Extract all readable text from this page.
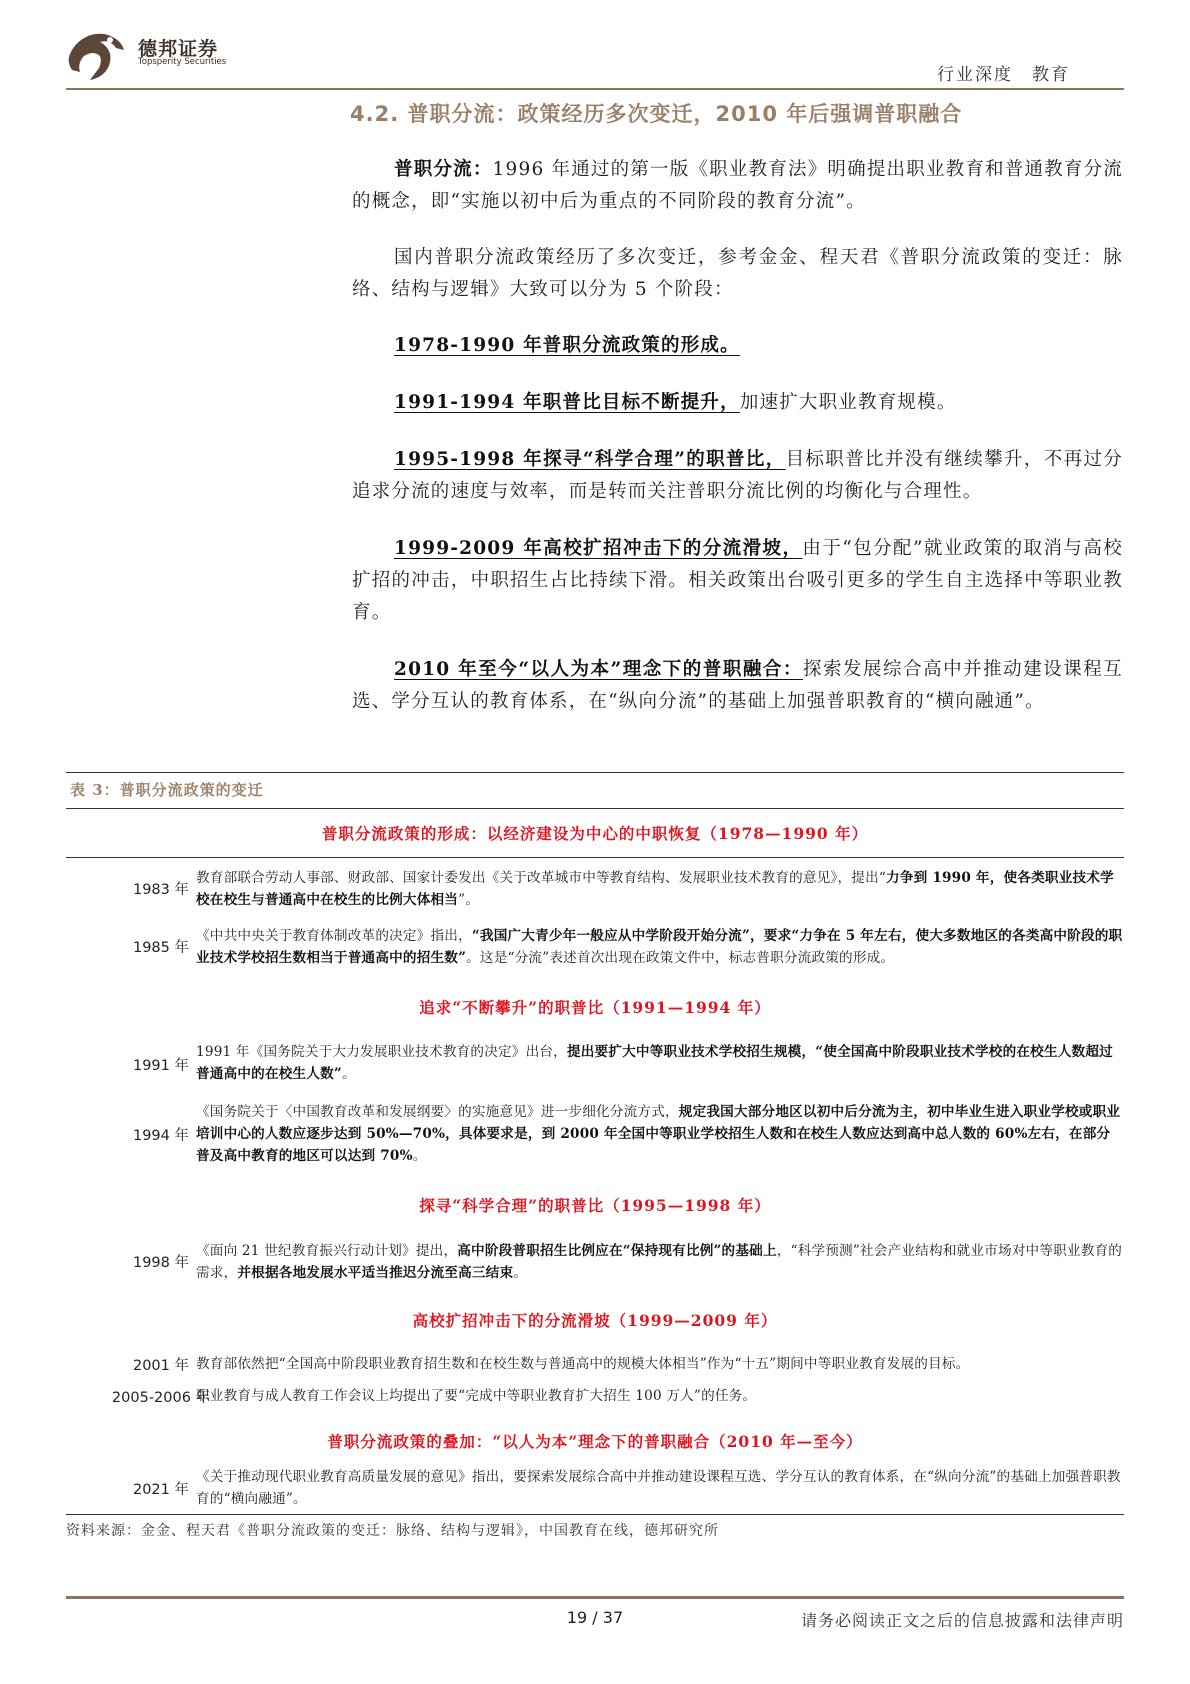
德邦证券
Topsperity Securities
行业深度　教育
4.2. 普职分流：政策经历多次变迁，2010 年后强调普职融合

普职分流：1996 年通过的第一版《职业教育法》明确提出职业教育和普通教育分流的概念，即“实施以初中后为重点的不同阶段的教育分流”。

国内普职分流政策经历了多次变迁，参考金金、程天君《普职分流政策的变迁：脉络、结构与逻辑》大致可以分为 5 个阶段：

1978-1990 年普职分流政策的形成。

1991-1994 年职普比目标不断提升，加速扩大职业教育规模。

1995-1998 年探寻“科学合理”的职普比，目标职普比并没有继续攀升，不再过分追求分流的速度与效率，而是转而关注普职分流比例的均衡化与合理性。

1999-2009 年高校扩招冲击下的分流滑坡，由于“包分配”就业政策的取消与高校扩招的冲击，中职招生占比持续下滑。相关政策出台吸引更多的学生自主选择中等职业教育。

2010 年至今“以人为本”理念下的普职融合：探索发展综合高中并推动建设课程互选、学分互认的教育体系，在“纵向分流”的基础上加强普职教育的“横向融通”。

表 3：普职分流政策的变迁
普职分流政策的形成：以经济建设为中心的中职恢复（1978—1990 年）
1983 年
教育部联合劳动人事部、财政部、国家计委发出《关于改革城市中等教育结构、发展职业技术教育的意见》，提出“力争到 1990 年，使各类职业技术学校在校生与普通高中在校生的比例大体相当”。
1985 年
《中共中央关于教育体制改革的决定》指出，“我国广大青少年一般应从中学阶段开始分流”，要求“力争在 5 年左右，使大多数地区的各类高中阶段的职业技术学校招生数相当于普通高中的招生数”。这是“分流”表述首次出现在政策文件中，标志普职分流政策的形成。
追求“不断攀升”的职普比（1991—1994 年）
1991 年
1991 年《国务院关于大力发展职业技术教育的决定》出台，提出要扩大中等职业技术学校招生规模，“使全国高中阶段职业技术学校的在校生人数超过普通高中的在校生人数”。
1994 年
《国务院关于〈中国教育改革和发展纲要〉的实施意见》进一步细化分流方式，规定我国大部分地区以初中后分流为主，初中毕业生进入职业学校或职业培训中心的人数应逐步达到 50%—70%，具体要求是，到 2000 年全国中等职业学校招生人数和在校生人数应达到高中总人数的 60%左右，在部分普及高中教育的地区可以达到 70%。
探寻“科学合理”的职普比（1995—1998 年）
1998 年
《面向 21 世纪教育振兴行动计划》提出，高中阶段普职招生比例应在“保持现有比例”的基础上，“科学预测”社会产业结构和就业市场对中等职业教育的需求，并根据各地发展水平适当推迟分流至高三结束。
高校扩招冲击下的分流滑坡（1999—2009 年）
2001 年 教育部依然把“全国高中阶段职业教育招生数和在校生数与普通高中的规模大体相当”作为“十五”期间中等职业教育发展的目标。
2005-2006 年
职业教育与成人教育工作会议上均提出了要“完成中等职业教育扩大招生 100 万人”的任务。
普职分流政策的叠加：“以人为本”理念下的普职融合（2010 年—至今）
2021 年
《关于推动现代职业教育高质量发展的意见》指出，要探索发展综合高中并推动建设课程互选、学分互认的教育体系，在“纵向分流”的基础上加强普职教育的“横向融通”。
资料来源：金金、程天君《普职分流政策的变迁：脉络、结构与逻辑》，中国教育在线，德邦研究所
19 / 37	请务必阅读正文之后的信息披露和法律声明
